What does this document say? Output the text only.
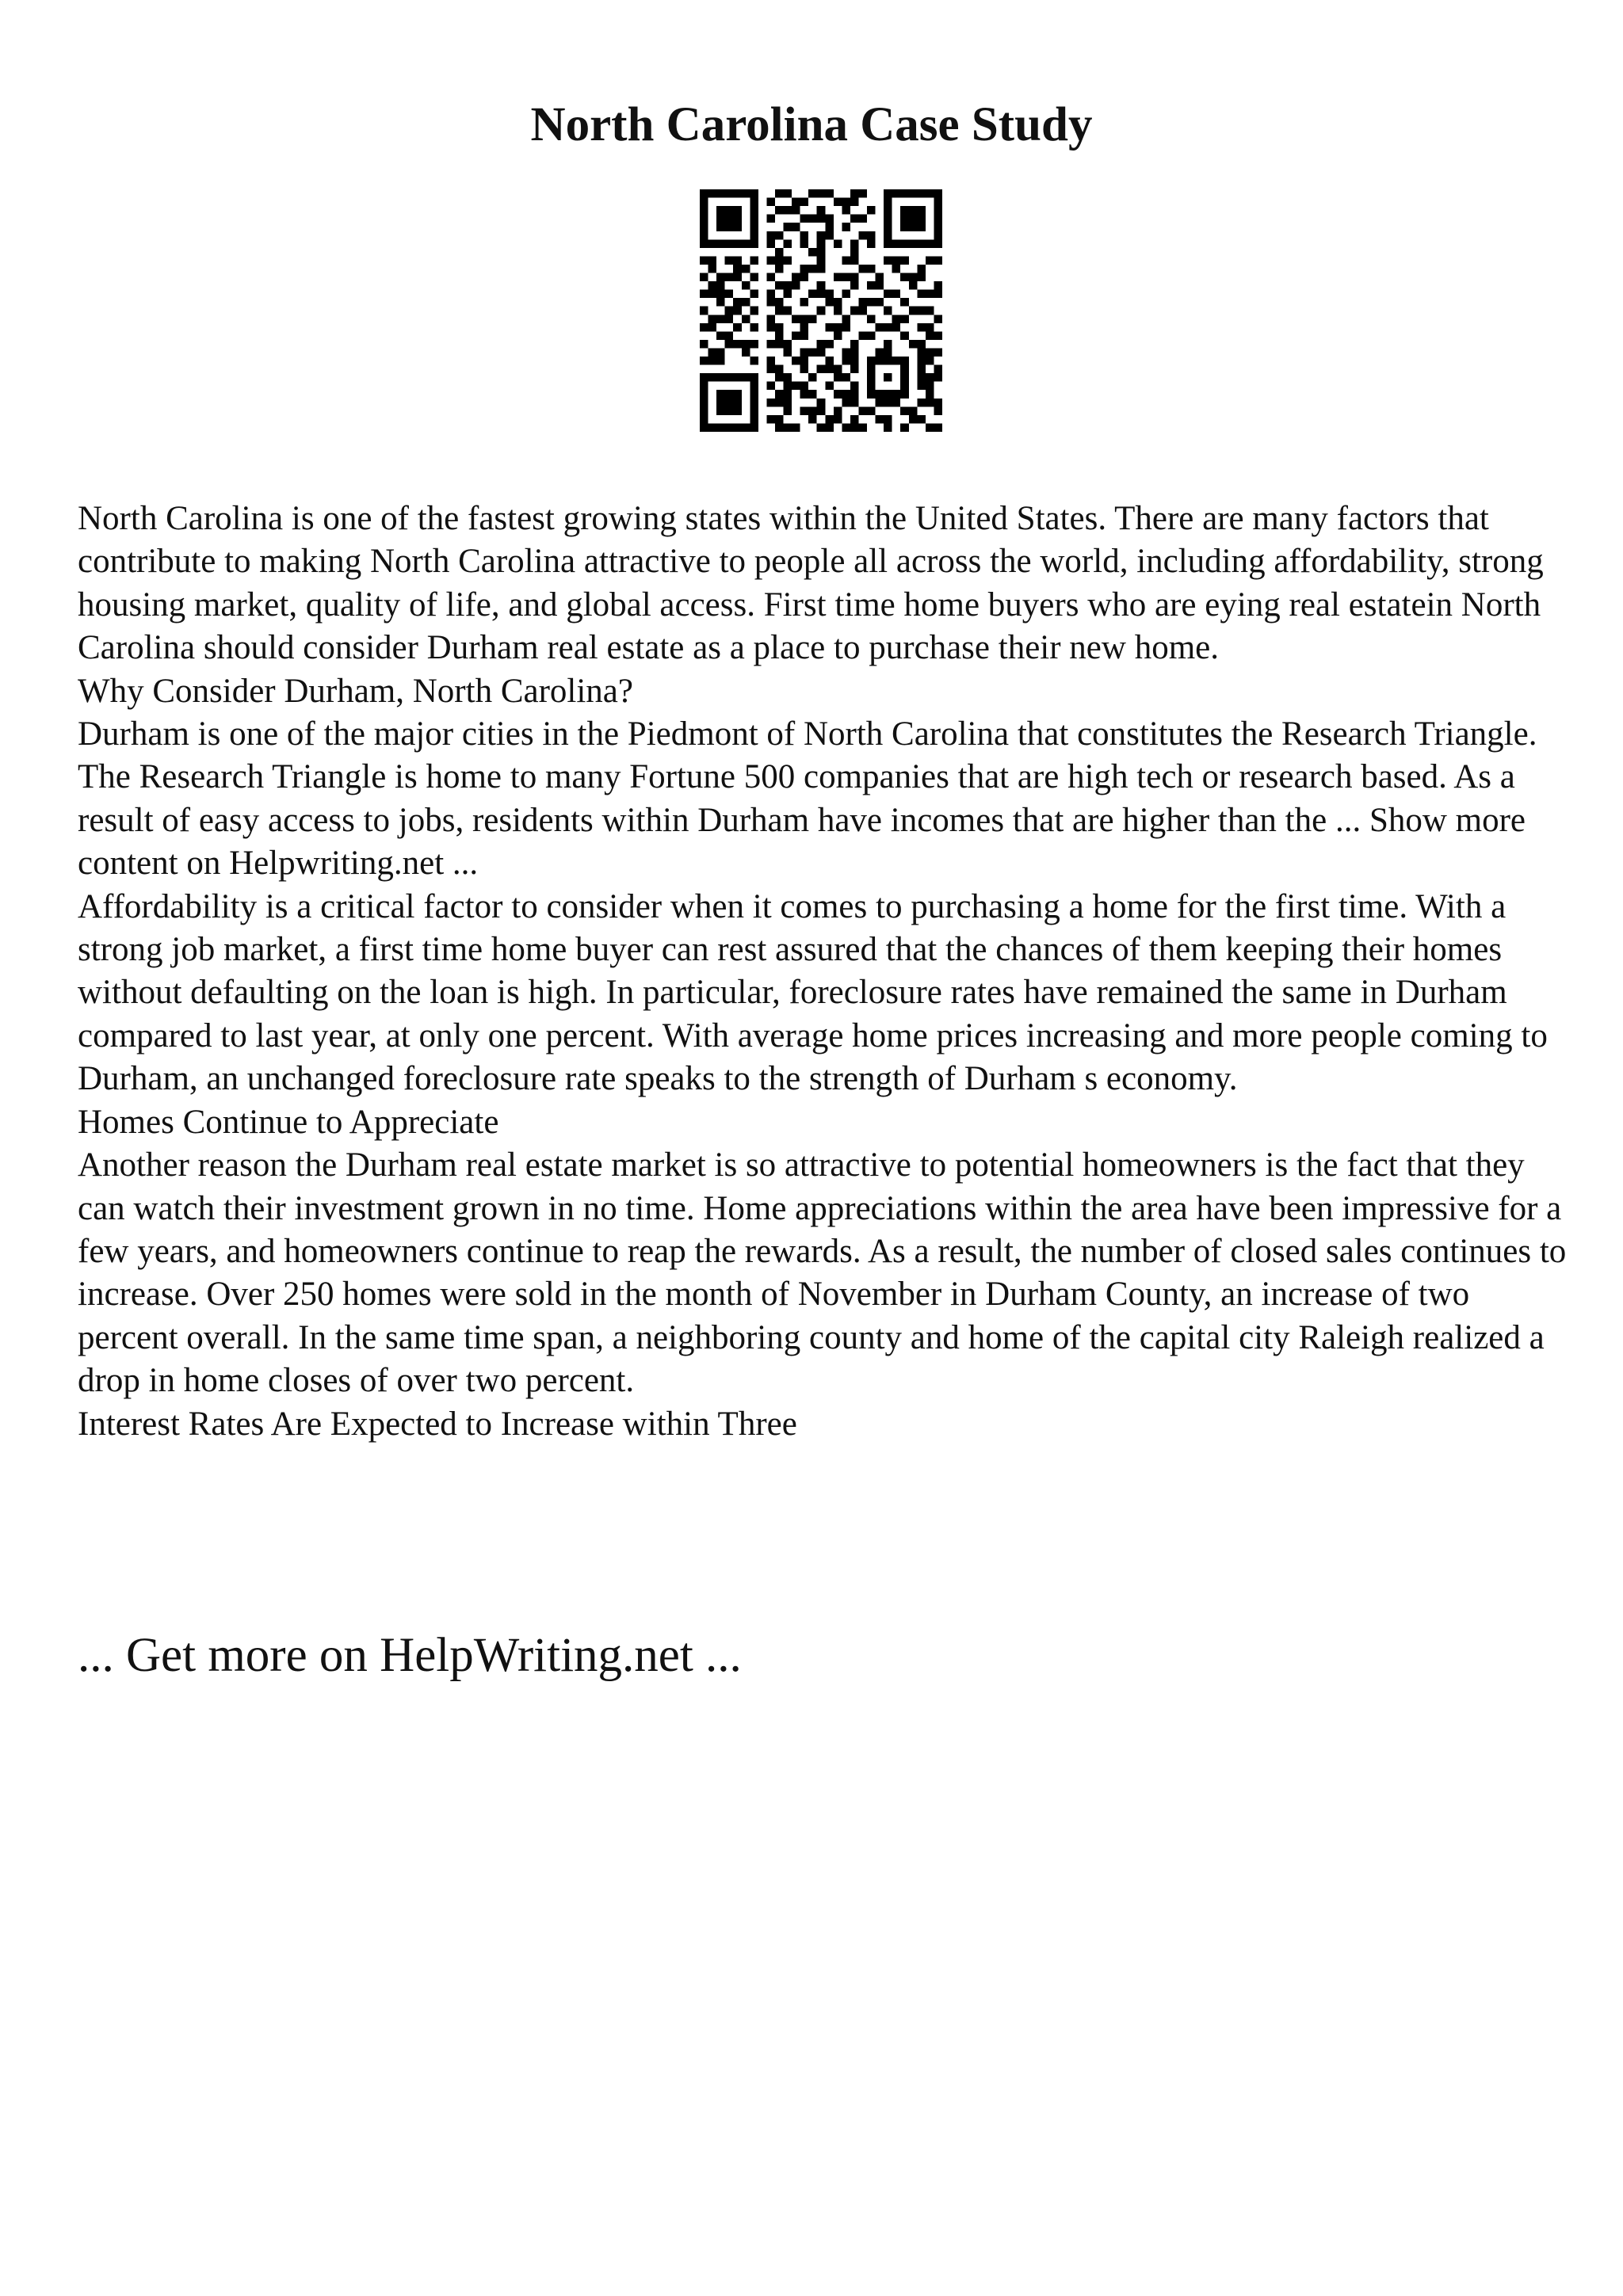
North Carolina Case Study

North Carolina is one of the fastest growing states within the United States. There are many factors that contribute to making North Carolina attractive to people all across the world, including affordability, strong housing market, quality of life, and global access. First time home buyers who are eying real estatein North Carolina should consider Durham real estate as a place to purchase their new home.

Why Consider Durham, North Carolina?

Durham is one of the major cities in the Piedmont of North Carolina that constitutes the Research Triangle. The Research Triangle is home to many Fortune 500 companies that are high tech or research based. As a result of easy access to jobs, residents within Durham have incomes that are higher than the ... Show more content on Helpwriting.net ...

Affordability is a critical factor to consider when it comes to purchasing a home for the first time. With a strong job market, a first time home buyer can rest assured that the chances of them keeping their homes without defaulting on the loan is high. In particular, foreclosure rates have remained the same in Durham compared to last year, at only one percent. With average home prices increasing and more people coming to Durham, an unchanged foreclosure rate speaks to the strength of Durham s economy.

Homes Continue to Appreciate

Another reason the Durham real estate market is so attractive to potential homeowners is the fact that they can watch their investment grown in no time. Home appreciations within the area have been impressive for a few years, and homeowners continue to reap the rewards. As a result, the number of closed sales continues to increase. Over 250 homes were sold in the month of November in Durham County, an increase of two percent overall. In the same time span, a neighboring county and home of the capital city Raleigh realized a drop in home closes of over two percent.

Interest Rates Are Expected to Increase within Three

... Get more on HelpWriting.net ...
